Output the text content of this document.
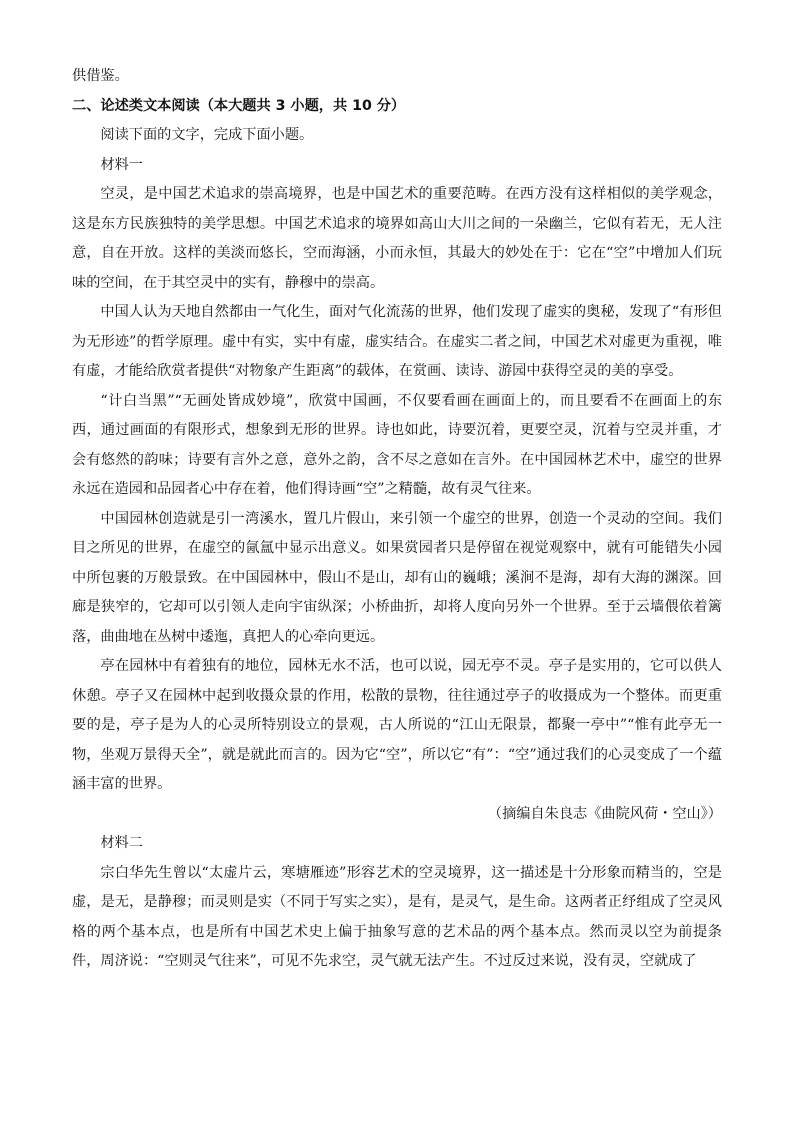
供借鉴。

二、论述类文本阅读（本大题共 3 小题，共 10 分）

阅读下面的文字，完成下面小题。

材料一

空灵，是中国艺术追求的崇高境界，也是中国艺术的重要范畴。在西方没有这样相似的美学观念，这是东方民族独特的美学思想。中国艺术追求的境界如高山大川之间的一朵幽兰，它似有若无，无人注意，自在开放。这样的美淡而悠长，空而海涵，小而永恒，其最大的妙处在于：它在“空”中增加人们玩味的空间，在于其空灵中的实有，静穆中的崇高。

中国人认为天地自然都由一气化生，面对气化流荡的世界，他们发现了虚实的奥秘，发现了“有形但为无形迹”的哲学原理。虚中有实，实中有虚，虚实结合。在虚实二者之间，中国艺术对虚更为重视，唯有虚，才能给欣赏者提供“对物象产生距离”的载体，在赏画、读诗、游园中获得空灵的美的享受。

“计白当黑”“无画处皆成妙境”，欣赏中国画，不仅要看画在画面上的，而且要看不在画面上的东西，通过画面的有限形式，想象到无形的世界。诗也如此，诗要沉着，更要空灵，沉着与空灵并重，才会有悠然的韵味；诗要有言外之意，意外之韵，含不尽之意如在言外。在中国园林艺术中，虚空的世界永远在造园和品园者心中存在着，他们得诗画“空”之精髓，故有灵气往来。

中国园林创造就是引一湾溪水，置几片假山，来引领一个虚空的世界，创造一个灵动的空间。我们目之所见的世界，在虚空的氤氲中显示出意义。如果赏园者只是停留在视觉观察中，就有可能错失小园中所包裹的万般景致。在中国园林中，假山不是山，却有山的巍峨；溪涧不是海，却有大海的渊深。回廊是狭窄的，它却可以引领人走向宇宙纵深；小桥曲折，却将人度向另外一个世界。至于云墙偎依着篱落，曲曲地在丛树中逶迤，真把人的心牵向更远。

亭在园林中有着独有的地位，园林无水不活，也可以说，园无亭不灵。亭子是实用的，它可以供人休憩。亭子又在园林中起到收摄众景的作用，松散的景物，往往通过亭子的收摄成为一个整体。而更重要的是，亭子是为人的心灵所特别设立的景观，古人所说的“江山无限景，都聚一亭中”“惟有此亭无一物，坐观万景得天全”，就是就此而言的。因为它“空”，所以它“有”：“空”通过我们的心灵变成了一个蕴涵丰富的世界。

（摘编自朱良志《曲院风荷・空山》）

材料二

宗白华先生曾以“太虚片云，寒塘雁迹”形容艺术的空灵境界，这一描述是十分形象而精当的，空是虚，是无，是静穆；而灵则是实（不同于写实之实），是有，是灵气，是生命。这两者正纾组成了空灵风格的两个基本点，也是所有中国艺术史上偏于抽象写意的艺术品的两个基本点。然而灵以空为前提条件，周济说：“空则灵气往来”，可见不先求空，灵气就无法产生。不过反过来说，没有灵，空就成了
